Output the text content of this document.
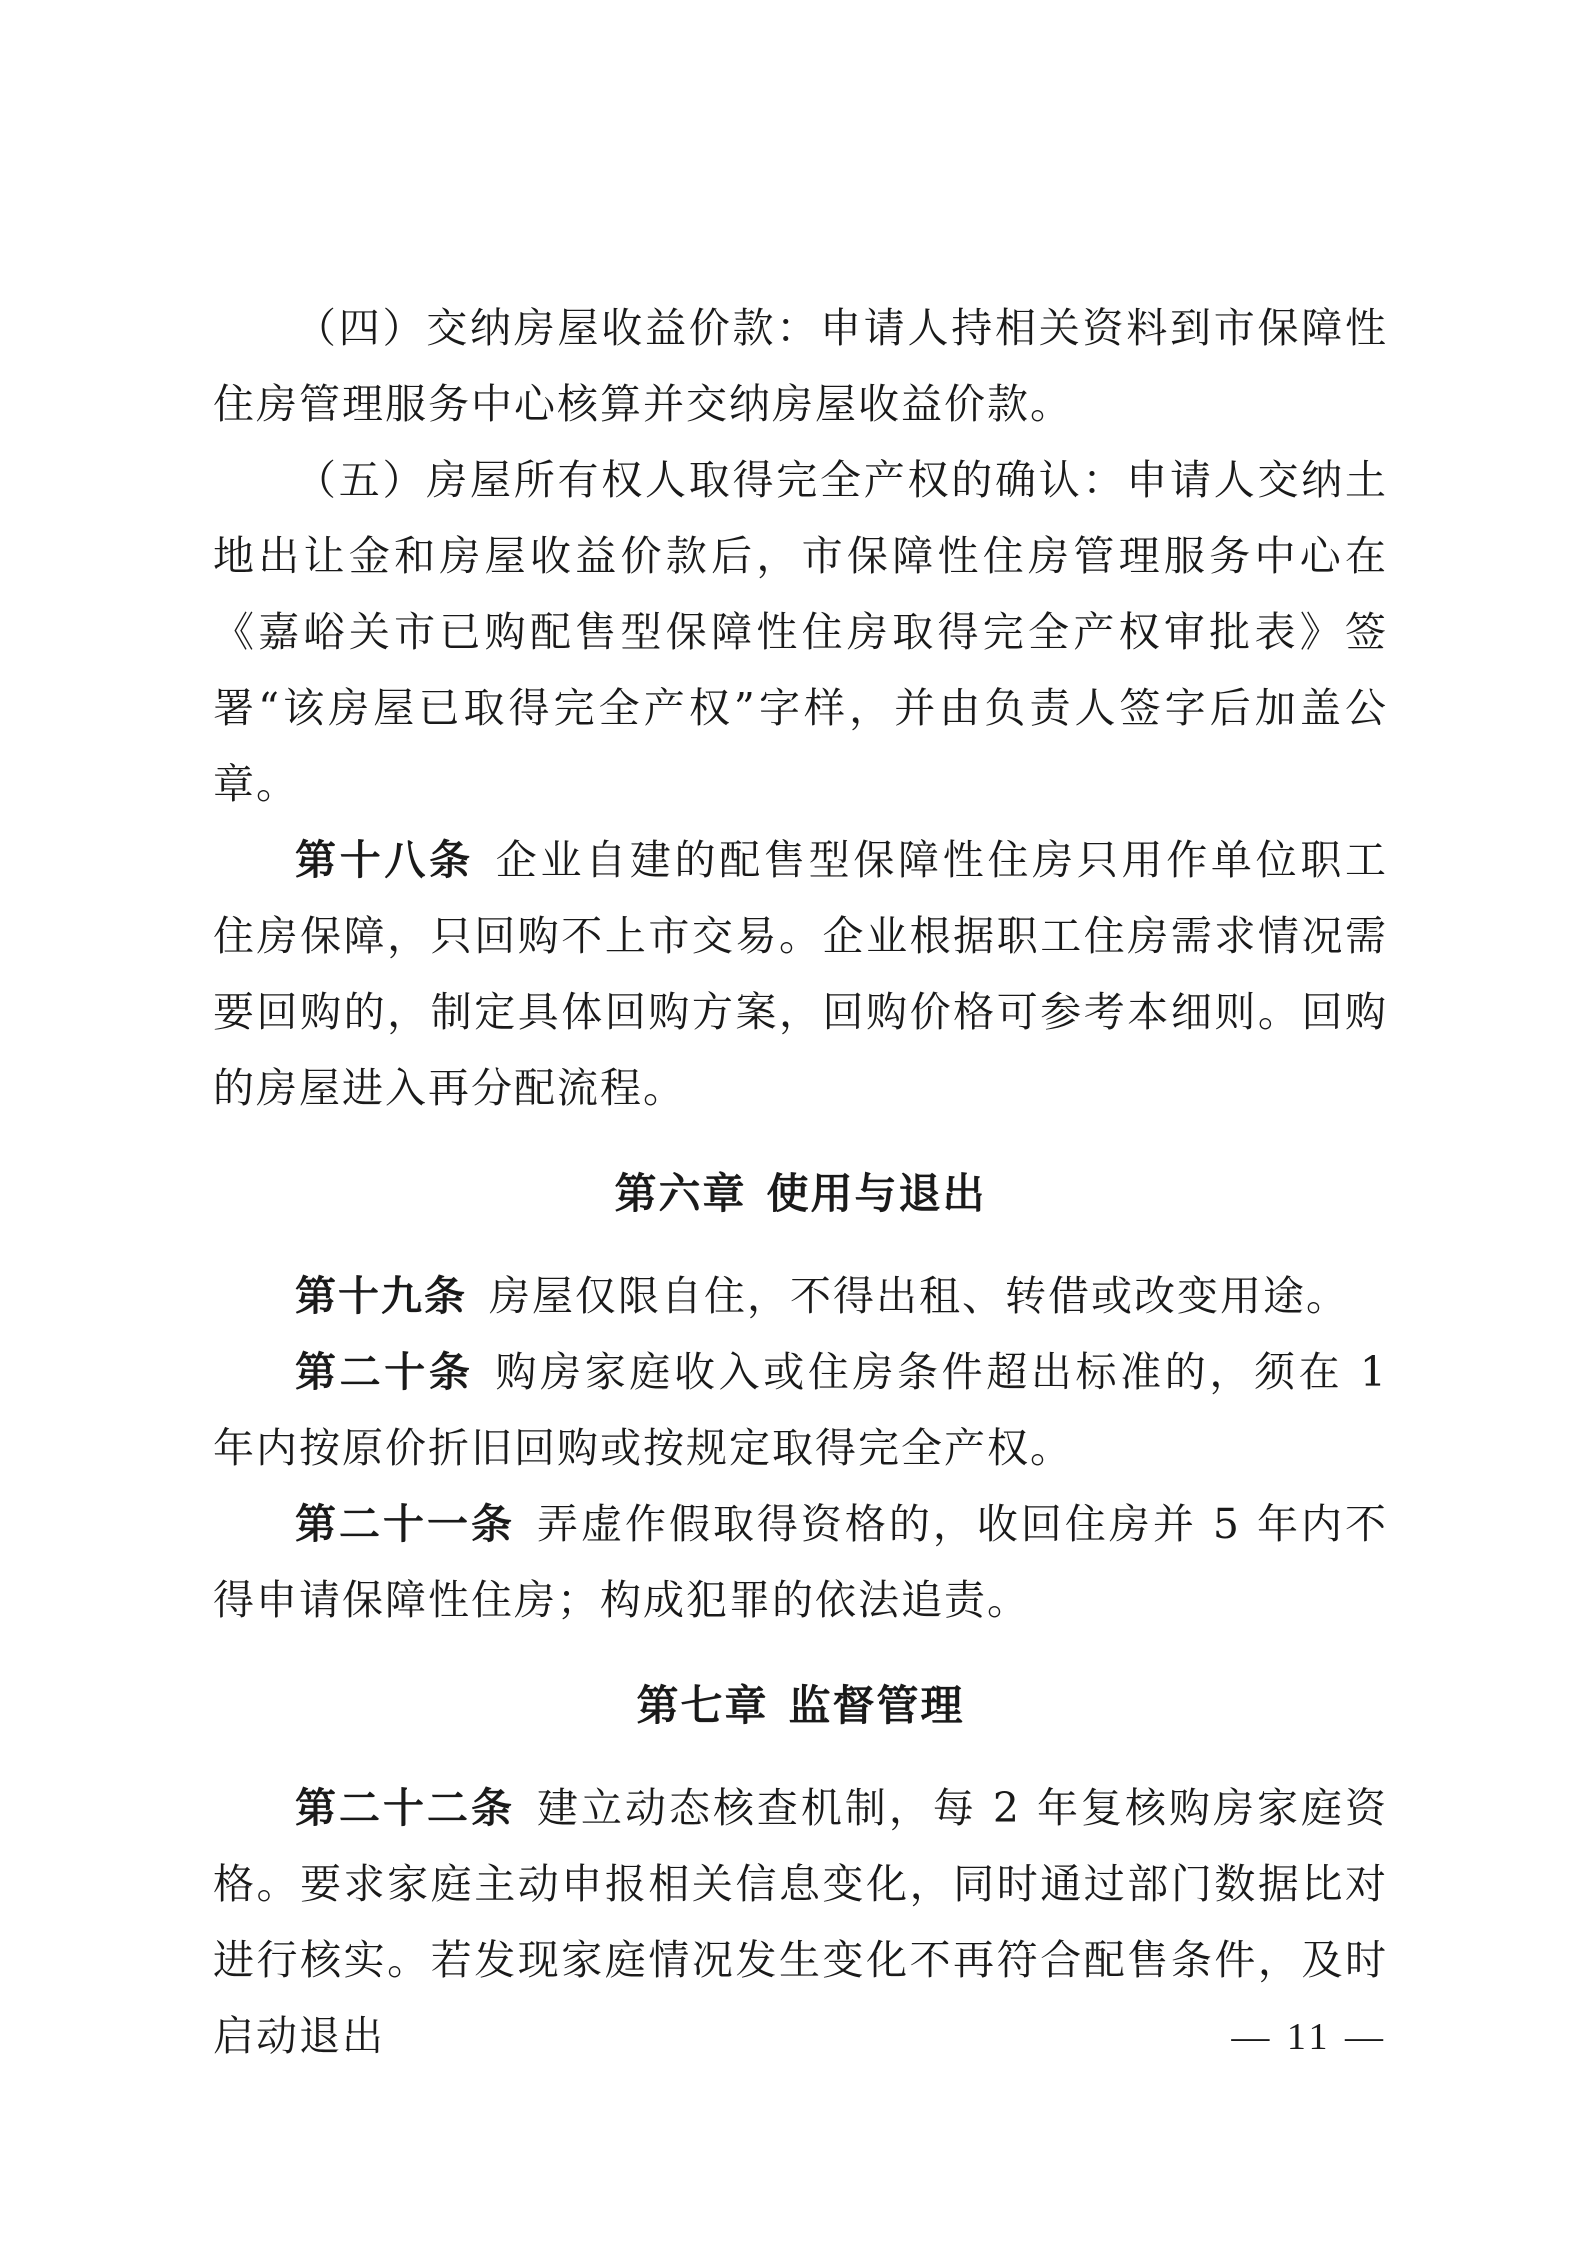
（四）交纳房屋收益价款：申请人持相关资料到市保障性住房管理服务中心核算并交纳房屋收益价款。

（五）房屋所有权人取得完全产权的确认：申请人交纳土地出让金和房屋收益价款后，市保障性住房管理服务中心在《嘉峪关市已购配售型保障性住房取得完全产权审批表》签署“该房屋已取得完全产权”字样，并由负责人签字后加盖公章。

第十八条 企业自建的配售型保障性住房只用作单位职工住房保障，只回购不上市交易。企业根据职工住房需求情况需要回购的，制定具体回购方案，回购价格可参考本细则。回购的房屋进入再分配流程。

第六章 使用与退出

第十九条 房屋仅限自住，不得出租、转借或改变用途。

第二十条 购房家庭收入或住房条件超出标准的，须在 1 年内按原价折旧回购或按规定取得完全产权。

第二十一条 弄虚作假取得资格的，收回住房并 5 年内不得申请保障性住房；构成犯罪的依法追责。

第七章 监督管理

第二十二条 建立动态核查机制，每 2 年复核购房家庭资格。要求家庭主动申报相关信息变化，同时通过部门数据比对进行核实。若发现家庭情况发生变化不再符合配售条件，及时启动退出	— 11 —
